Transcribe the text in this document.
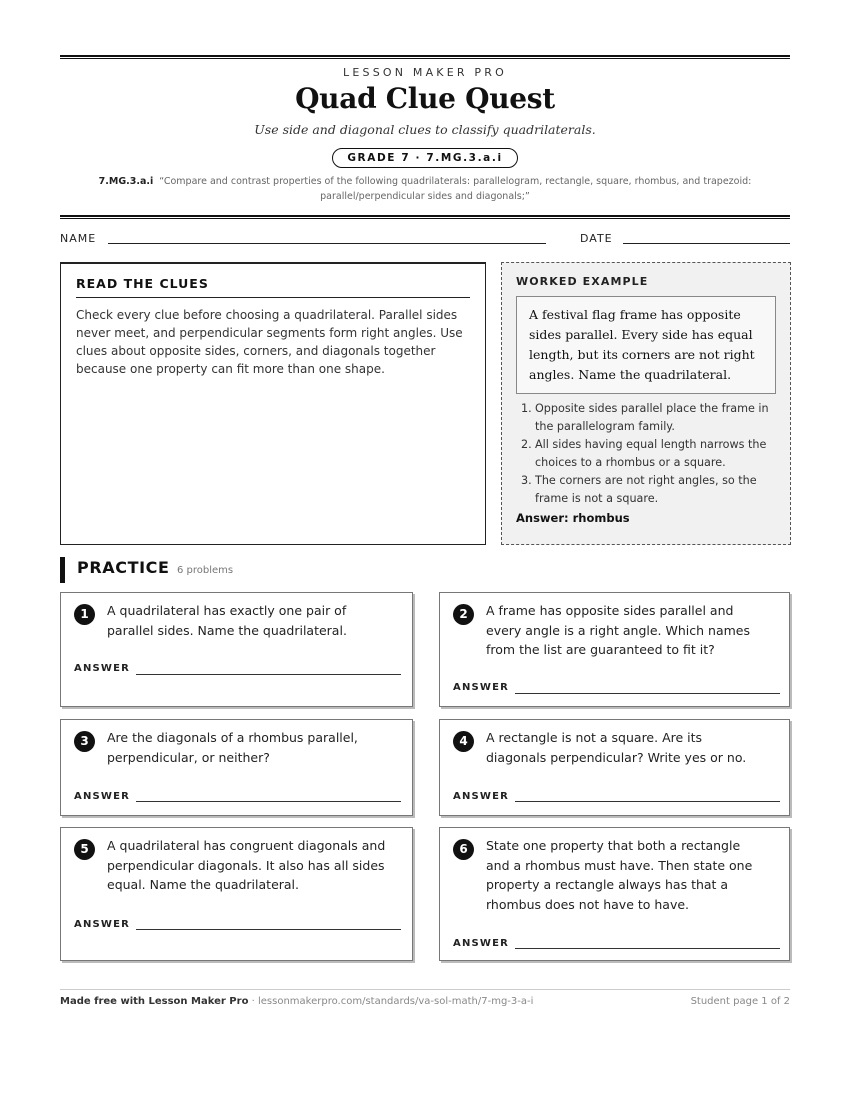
LESSON MAKER PRO
Quad Clue Quest
Use side and diagonal clues to classify quadrilaterals.
GRADE 7 · 7.MG.3.a.i
7.MG.3.a.i “Compare and contrast properties of the following quadrilaterals: parallelogram, rectangle, square, rhombus, and trapezoid: parallel/perpendicular sides and diagonals;”
NAME	DATE
READ THE CLUES
Check every clue before choosing a quadrilateral. Parallel sides never meet, and perpendicular segments form right angles. Use clues about opposite sides, corners, and diagonals together because one property can fit more than one shape.
WORKED EXAMPLE
A festival flag frame has opposite sides parallel. Every side has equal length, but its corners are not right angles. Name the quadrilateral.
1. Opposite sides parallel place the frame in the parallelogram family.
2. All sides having equal length narrows the choices to a rhombus or a square.
3. The corners are not right angles, so the frame is not a square.
Answer: rhombus
PRACTICE 6 problems
1	A quadrilateral has exactly one pair of parallel sides. Name the quadrilateral.
ANSWER
2	A frame has opposite sides parallel and every angle is a right angle. Which names from the list are guaranteed to fit it?
ANSWER
3	Are the diagonals of a rhombus parallel, perpendicular, or neither?
ANSWER
4	A rectangle is not a square. Are its diagonals perpendicular? Write yes or no.
ANSWER
5	A quadrilateral has congruent diagonals and perpendicular diagonals. It also has all sides equal. Name the quadrilateral.
ANSWER
6	State one property that both a rectangle and a rhombus must have. Then state one property a rectangle always has that a rhombus does not have to have.
ANSWER
Made free with Lesson Maker Pro · lessonmakerpro.com/standards/va-sol-math/7-mg-3-a-i	Student page 1 of 2
